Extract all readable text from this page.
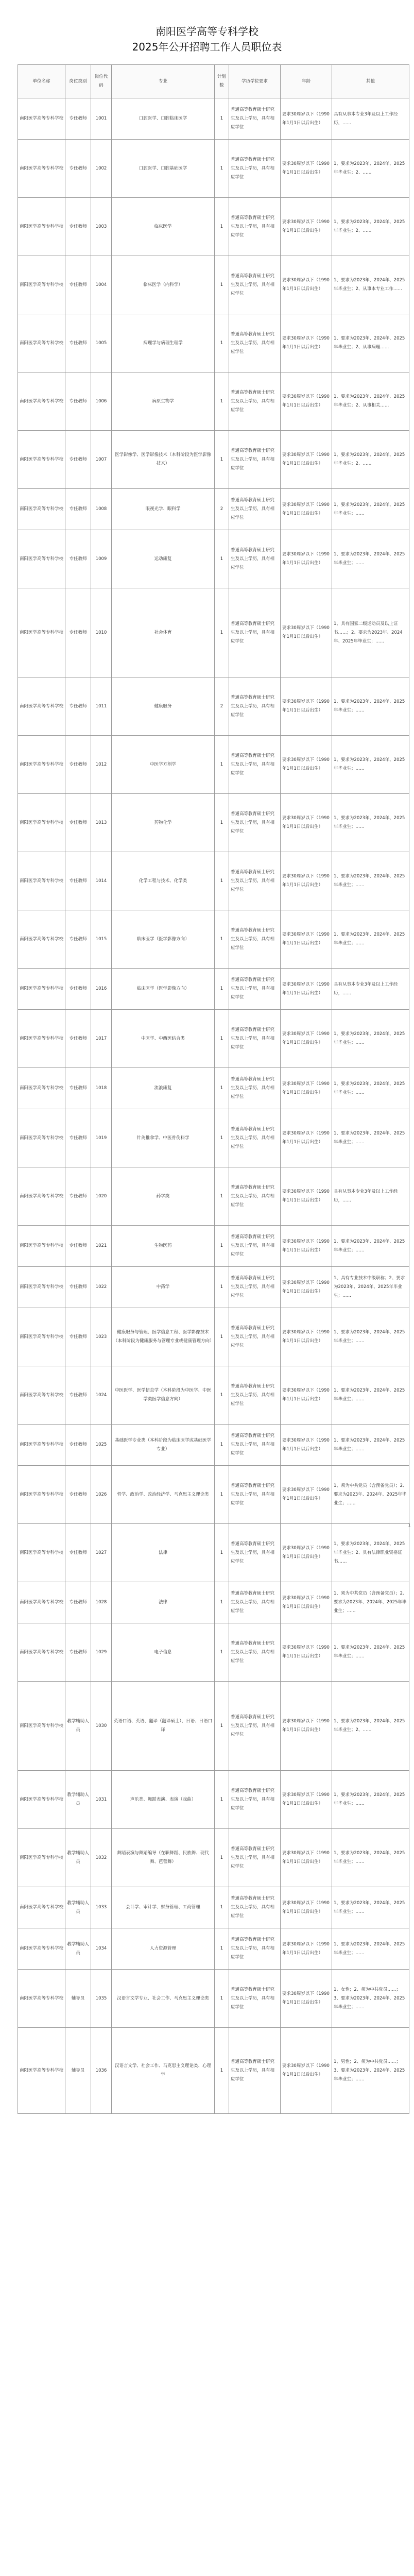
南阳医学高等专科学校
2025年公开招聘工作人员职位表
单位名称	岗位类别	岗位代码	专业	计划数	学历学位要求	年龄	其他
南阳医学高等专科学校	专任教师	1001	口腔医学、口腔临床医学	1	普通高等教育硕士研究生及以上学历，具有相应学位	要求30周岁以下（1990年1月1日以后出生）	具有从事本专业3年及以上工作经历，……
南阳医学高等专科学校	专任教师	1002	口腔医学、口腔基础医学	1	普通高等教育硕士研究生及以上学历，具有相应学位	要求30周岁以下（1990年1月1日以后出生）	1、要求为2023年、2024年、2025年毕业生；2、……
南阳医学高等专科学校	专任教师	1003	临床医学	1	普通高等教育硕士研究生及以上学历，具有相应学位	要求30周岁以下（1990年1月1日以后出生）	1、要求为2023年、2024年、2025年毕业生；2、……
南阳医学高等专科学校	专任教师	1004	临床医学（内科学）	1	普通高等教育硕士研究生及以上学历，具有相应学位	要求30周岁以下（1990年1月1日以后出生）	1、要求为2023年、2024年、2025年毕业生；2、从事本专业工作……
南阳医学高等专科学校	专任教师	1005	病理学与病理生理学	1	普通高等教育硕士研究生及以上学历，具有相应学位	要求30周岁以下（1990年1月1日以后出生）	1、要求为2023年、2024年、2025年毕业生；2、从事病理……
南阳医学高等专科学校	专任教师	1006	病原生物学	1	普通高等教育硕士研究生及以上学历，具有相应学位	要求30周岁以下（1990年1月1日以后出生）	1、要求为2023年、2024年、2025年毕业生；2、从事相关……
南阳医学高等专科学校	专任教师	1007	医学影像学、医学影像技术（本科阶段为医学影像技术）	1	普通高等教育硕士研究生及以上学历，具有相应学位	要求30周岁以下（1990年1月1日以后出生）	1、要求为2023年、2024年、2025年毕业生；2、……
南阳医学高等专科学校	专任教师	1008	眼视光学、眼科学	2	普通高等教育硕士研究生及以上学历，具有相应学位	要求30周岁以下（1990年1月1日以后出生）	1、要求为2023年、2024年、2025年毕业生；……
南阳医学高等专科学校	专任教师	1009	运动康复	1	普通高等教育硕士研究生及以上学历，具有相应学位	要求30周岁以下（1990年1月1日以后出生）	1、要求为2023年、2024年、2025年毕业生；……
南阳医学高等专科学校	专任教师	1010	社会体育	1	普通高等教育硕士研究生及以上学历，具有相应学位	要求30周岁以下（1990年1月1日以后出生）	1、具有国家二级运动员及以上证书……；2、要求为2023年、2024年、2025年毕业生；……
南阳医学高等专科学校	专任教师	1011	健康服务	2	普通高等教育硕士研究生及以上学历，具有相应学位	要求30周岁以下（1990年1月1日以后出生）	1、要求为2023年、2024年、2025年毕业生；……
南阳医学高等专科学校	专任教师	1012	中医学方剂学	1	普通高等教育硕士研究生及以上学历，具有相应学位	要求30周岁以下（1990年1月1日以后出生）	1、要求为2023年、2024年、2025年毕业生；……
南阳医学高等专科学校	专任教师	1013	药物化学	1	普通高等教育硕士研究生及以上学历，具有相应学位	要求30周岁以下（1990年1月1日以后出生）	1、要求为2023年、2024年、2025年毕业生；……
南阳医学高等专科学校	专任教师	1014	化学工程与技术、化学类	1	普通高等教育硕士研究生及以上学历，具有相应学位	要求30周岁以下（1990年1月1日以后出生）	1、要求为2023年、2024年、2025年毕业生；……
南阳医学高等专科学校	专任教师	1015	临床医学（医学影像方向）	1	普通高等教育硕士研究生及以上学历，具有相应学位	要求30周岁以下（1990年1月1日以后出生）	1、要求为2023年、2024年、2025年毕业生；……
南阳医学高等专科学校	专任教师	1016	临床医学（医学影像方向）	1	普通高等教育硕士研究生及以上学历，具有相应学位	要求30周岁以下（1990年1月1日以后出生）	具有从事本专业3年及以上工作经历，……
南阳医学高等专科学校	专任教师	1017	中医学、中西医结合类	1	普通高等教育硕士研究生及以上学历，具有相应学位	要求30周岁以下（1990年1月1日以后出生）	1、要求为2023年、2024年、2025年毕业生；……
南阳医学高等专科学校	专任教师	1018	流浪康复	1	普通高等教育硕士研究生及以上学历，具有相应学位	要求30周岁以下（1990年1月1日以后出生）	1、要求为2023年、2024年、2025年毕业生；……
南阳医学高等专科学校	专任教师	1019	针灸推拿学、中医骨伤科学	1	普通高等教育硕士研究生及以上学历，具有相应学位	要求30周岁以下（1990年1月1日以后出生）	1、要求为2023年、2024年、2025年毕业生；……
南阳医学高等专科学校	专任教师	1020	药学类	1	普通高等教育硕士研究生及以上学历，具有相应学位	要求30周岁以下（1990年1月1日以后出生）	具有从事本专业3年及以上工作经历，……
南阳医学高等专科学校	专任教师	1021	生物医药	1	普通高等教育硕士研究生及以上学历，具有相应学位	要求30周岁以下（1990年1月1日以后出生）	1、要求为2023年、2024年、2025年毕业生；……
南阳医学高等专科学校	专任教师	1022	中药学	1	普通高等教育硕士研究生及以上学历，具有相应学位	要求30周岁以下（1990年1月1日以后出生）	1、具有专业技术中级职称；2、要求为2023年、2024年、2025年毕业生；……
南阳医学高等专科学校	专任教师	1023	健康服务与管理、医学信息工程、医学影像技术（本科阶段为健康服务与管理专业或健康管理方向）	1	普通高等教育硕士研究生及以上学历，具有相应学位	要求30周岁以下（1990年1月1日以后出生）	1、要求为2023年、2024年、2025年毕业生；……
南阳医学高等专科学校	专任教师	1024	中医医学、医学信息学（本科阶段为中医学、中医学类医学信息方向）	1	普通高等教育硕士研究生及以上学历，具有相应学位	要求30周岁以下（1990年1月1日以后出生）	1、要求为2023年、2024年、2025年毕业生；……
南阳医学高等专科学校	专任教师	1025	基础医学专业类（本科阶段为临床医学或基础医学专业）	1	普通高等教育硕士研究生及以上学历，具有相应学位	要求30周岁以下（1990年1月1日以后出生）	1、要求为2023年、2024年、2025年毕业生；……
南阳医学高等专科学校	专任教师	1026	哲学、政治学、政治经济学、马克思主义理论类	1	普通高等教育硕士研究生及以上学历，具有相应学位	要求30周岁以下（1990年1月1日以后出生）	1、须为中共党员（含预备党员）；2、要求为2023年、2024年、2025年毕业生；……
南阳医学高等专科学校	专任教师	1027	法律	1	普通高等教育硕士研究生及以上学历，具有相应学位	要求30周岁以下（1990年1月1日以后出生）	1、要求为2023年、2024年、2025年毕业生；2、具有法律职业资格证书……
南阳医学高等专科学校	专任教师	1028	法律	1	普通高等教育硕士研究生及以上学历，具有相应学位	要求30周岁以下（1990年1月1日以后出生）	1、须为中共党员（含预备党员）；2、要求为2023年、2024年、2025年毕业生；……
南阳医学高等专科学校	专任教师	1029	电子信息	1	普通高等教育硕士研究生及以上学历，具有相应学位	要求30周岁以下（1990年1月1日以后出生）	1、要求为2023年、2024年、2025年毕业生；……
南阳医学高等专科学校	教学辅助人员	1030	英语口语、英语、翻译（翻译硕士）、日语、日语口译	1	普通高等教育硕士研究生及以上学历，具有相应学位	要求30周岁以下（1990年1月1日以后出生）	1、要求为2023年、2024年、2025年毕业生；2、……
南阳医学高等专科学校	教学辅助人员	1031	声乐类、舞蹈表演、表演（戏曲）	1	普通高等教育硕士研究生及以上学历，具有相应学位	要求30周岁以下（1990年1月1日以后出生）	1、要求为2023年、2024年、2025年毕业生；……
南阳医学高等专科学校	教学辅助人员	1032	舞蹈表演与舞蹈编导（在职舞蹈、民族舞、现代舞、芭蕾舞）	1	普通高等教育硕士研究生及以上学历，具有相应学位	要求30周岁以下（1990年1月1日以后出生）	1、要求为2023年、2024年、2025年毕业生；……
南阳医学高等专科学校	教学辅助人员	1033	会计学、审计学、财务管理、工商管理	1	普通高等教育硕士研究生及以上学历，具有相应学位	要求30周岁以下（1990年1月1日以后出生）	1、要求为2023年、2024年、2025年毕业生；……
南阳医学高等专科学校	教学辅助人员	1034	人力资源管理	1	普通高等教育硕士研究生及以上学历，具有相应学位	要求30周岁以下（1990年1月1日以后出生）	1、要求为2023年、2024年、2025年毕业生；……
南阳医学高等专科学校	辅导员	1035	汉语言文学专业、社会工作、马克思主义理论类	1	普通高等教育硕士研究生及以上学历，具有相应学位	要求30周岁以下（1990年1月1日以后出生）	1、女性；2、须为中共党员……；3、要求为2023年、2024年、2025年毕业生；……
南阳医学高等专科学校	辅导员	1036	汉语言文学、社会工作、马克思主义理论类、心理学	1	普通高等教育硕士研究生及以上学历，具有相应学位	要求30周岁以下（1990年1月1日以后出生）	1、男性；2、须为中共党员……；3、要求为2023年、2024年、2025年毕业生；……
1
